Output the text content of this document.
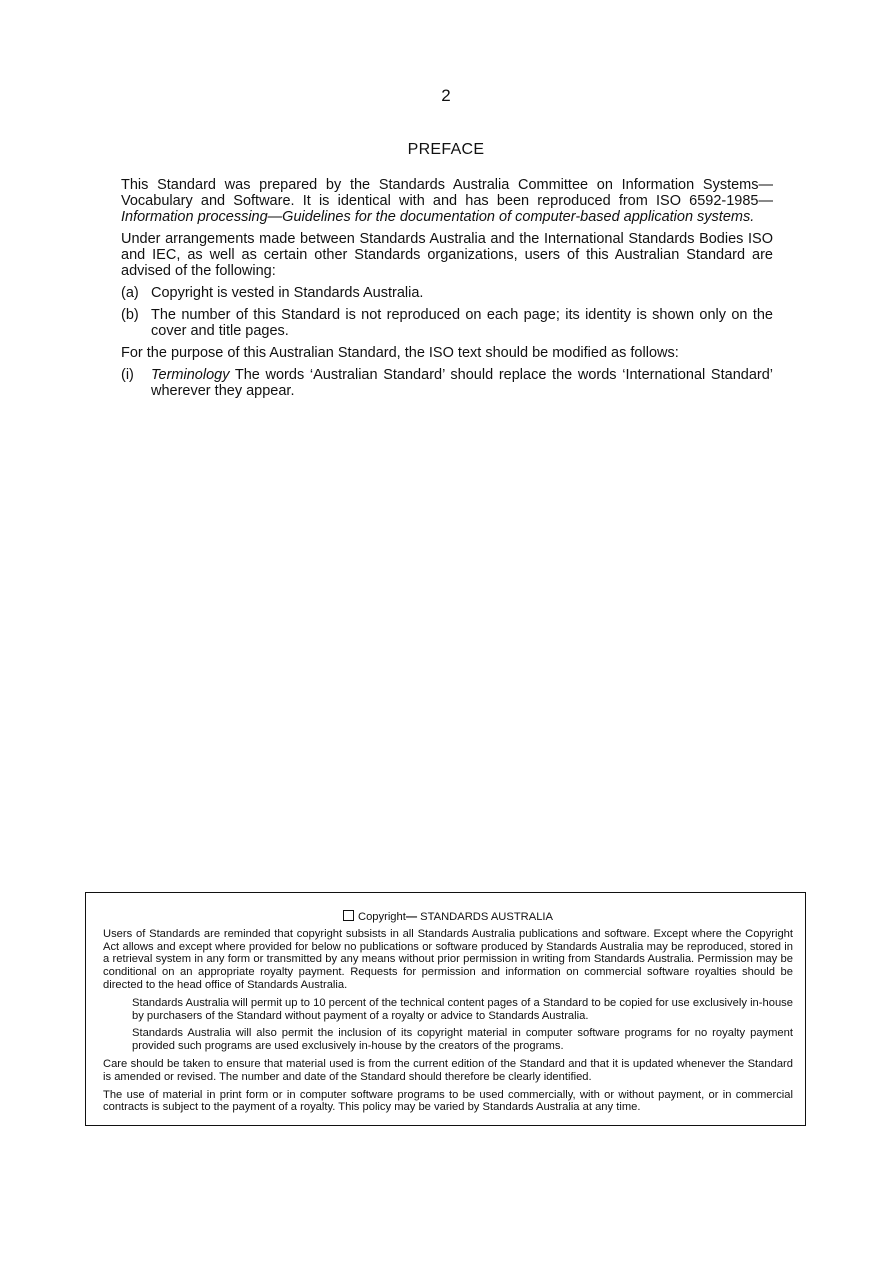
2
PREFACE

This Standard was prepared by the Standards Australia Committee on Information Systems—Vocabulary and Software. It is identical with and has been reproduced from ISO 6592-1985—Information processing—Guidelines for the documentation of computer-based application systems.

Under arrangements made between Standards Australia and the International Standards Bodies ISO and IEC, as well as certain other Standards organizations, users of this Australian Standard are advised of the following:

(a) Copyright is vested in Standards Australia.
(b) The number of this Standard is not reproduced on each page; its identity is shown only on the cover and title pages.

For the purpose of this Australian Standard, the ISO text should be modified as follows:

(i)	Terminology The words ‘Australian Standard’ should replace the words ‘International Standard’ wherever they appear.
Copyright— STANDARDS AUSTRALIA

Users of Standards are reminded that copyright subsists in all Standards Australia publications and software. Except where the Copyright Act allows and except where provided for below no publications or software produced by Standards Australia may be reproduced, stored in a retrieval system in any form or transmitted by any means without prior permission in writing from Standards Australia. Permission may be conditional on an appropriate royalty payment. Requests for permission and information on commercial software royalties should be directed to the head office of Standards Australia.

Standards Australia will permit up to 10 percent of the technical content pages of a Standard to be copied for use exclusively in-house by purchasers of the Standard without payment of a royalty or advice to Standards Australia.

Standards Australia will also permit the inclusion of its copyright material in computer software programs for no royalty payment provided such programs are used exclusively in-house by the creators of the programs.

Care should be taken to ensure that material used is from the current edition of the Standard and that it is updated whenever the Standard is amended or revised. The number and date of the Standard should therefore be clearly identified.

The use of material in print form or in computer software programs to be used commercially, with or without payment, or in commercial contracts is subject to the payment of a royalty. This policy may be varied by Standards Australia at any time.
